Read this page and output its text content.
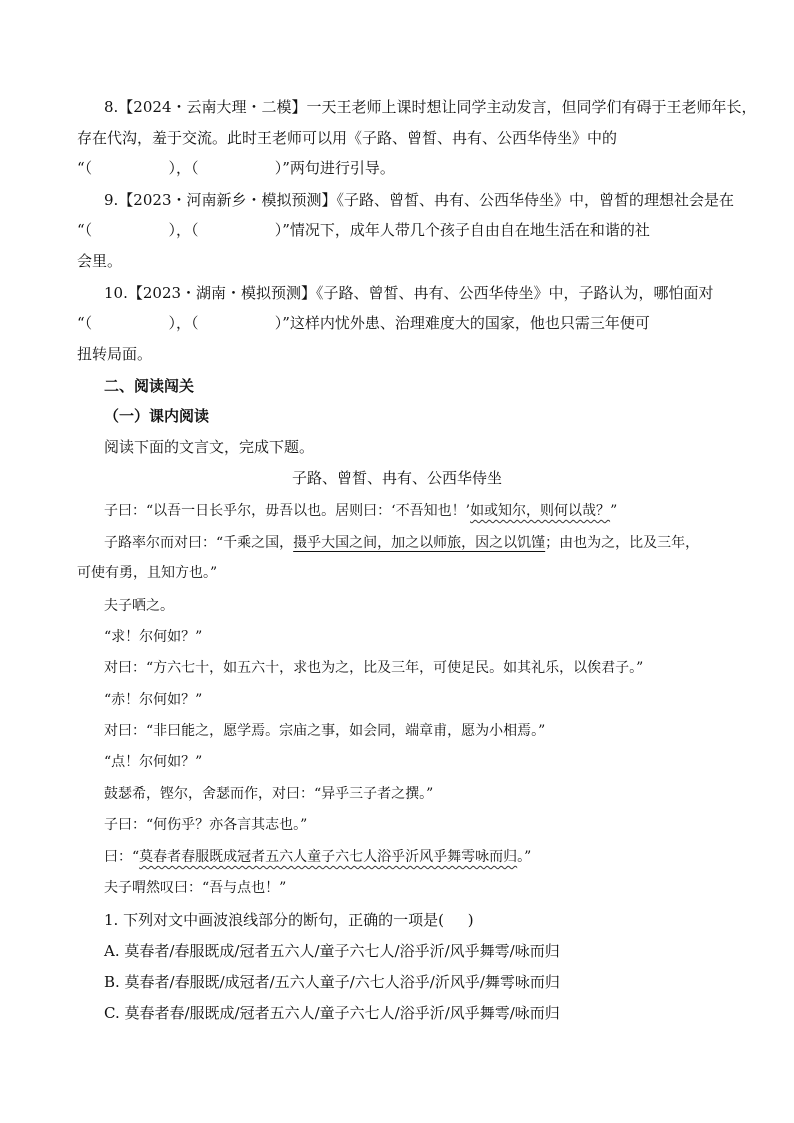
8.【2024・云南大理・二模】一天王老师上课时想让同学主动发言，但同学们有碍于王老师年长，
存在代沟，羞于交流。此时王老师可以用《子路、曾皙、冉有、公西华侍坐》中的
“（                ），（                ）”两句进行引导。
9.【2023・河南新乡・模拟预测】《子路、曾皙、冉有、公西华侍坐》中，曾皙的理想社会是在
“（                ），（                ）”情况下，成年人带几个孩子自由自在地生活在和谐的社
会里。
10.【2023・湖南・模拟预测】《子路、曾皙、冉有、公西华侍坐》中，子路认为，哪怕面对
“（                ），（                ）”这样内忧外患、治理难度大的国家，他也只需三年便可
扭转局面。
二、阅读闯关
（一）课内阅读
阅读下面的文言文，完成下题。
子路、曾皙、冉有、公西华侍坐
子曰：“以吾一日长乎尔，毋吾以也。居则曰：‘不吾知也！’如或知尔，则何以哉？”
子路率尔而对曰：“千乘之国，摄乎大国之间，加之以师旅，因之以饥馑；由也为之，比及三年，
可使有勇，且知方也。”
夫子哂之。
“求！尔何如？”
对曰：“方六七十，如五六十，求也为之，比及三年，可使足民。如其礼乐，以俟君子。”
“赤！尔何如？”
对曰：“非曰能之，愿学焉。宗庙之事，如会同，端章甫，愿为小相焉。”
“点！尔何如？”
鼓瑟希，铿尔，舍瑟而作，对曰：“异乎三子者之撰。”
子曰：“何伤乎？亦各言其志也。”
曰：“莫春者春服既成冠者五六人童子六七人浴乎沂风乎舞雩咏而归。”
夫子喟然叹曰：“吾与点也！”
1. 下列对文中画波浪线部分的断句，正确的一项是(     )
A. 莫春者/春服既成/冠者五六人/童子六七人/浴乎沂/风乎舞雩/咏而归
B. 莫春者/春服既/成冠者/五六人童子/六七人浴乎/沂风乎/舞雩咏而归
C. 莫春者春/服既成/冠者五六人/童子六七人/浴乎沂/风乎舞雩/咏而归
